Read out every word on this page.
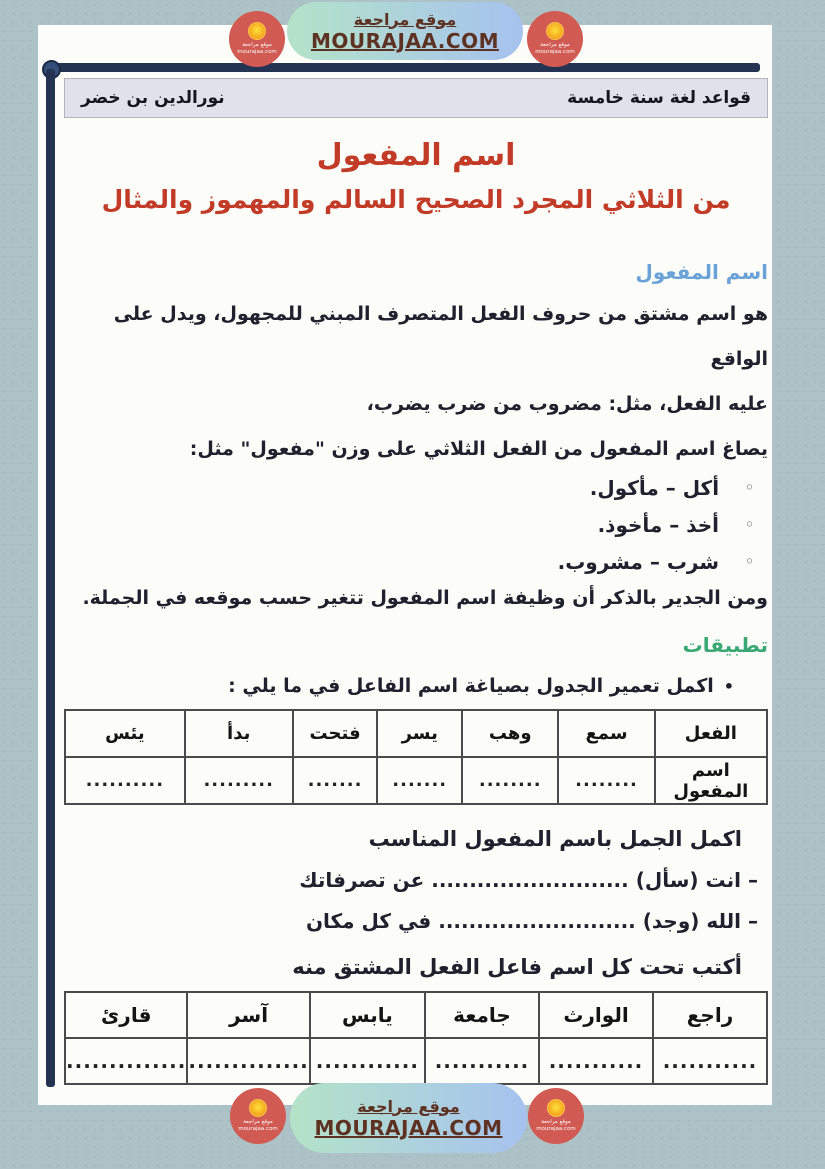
قواعد لغة سنة خامسة
نورالدين بن خضر
اسم المفعول
من الثلاثي المجرد الصحيح السالم والمهموز والمثال
اسم المفعول
هو اسم مشتق من حروف الفعل المتصرف المبني للمجهول، ويدل على الواقع
عليه الفعل، مثل: مضروب من ضرب يضرب،
يصاغ اسم المفعول من الفعل الثلاثي على وزن "مفعول" مثل:
◦
أكل – مأكول.
◦
أخذ – مأخوذ.
◦
شرب – مشروب.
ومن الجدير بالذكر أن وظيفة اسم المفعول تتغير حسب موقعه في الجملة.
تطبيقات
•اكمل تعمير الجدول بصياغة اسم الفاعل في ما يلي :
الفعل	سمع	وهب	يسر	فتحت	بدأ	يئس
اسم المفعول	........	........	.......	.......	.........	..........
اكمل الجمل باسم المفعول المناسب
– انت (سأل) .......................... عن تصرفاتك
– الله (وجد) .......................... في كل مكان
أكتب تحت كل اسم فاعل الفعل المشتق منه
راجع	الوارث	جامعة	يابس	آسر	قارئ
...........	...........	...........	............	..............	..............
موقع مراجعة
mourajaa.com
موقع مراجعة
MOURAJAA.COM	موقع مراجعة
mourajaa.com
موقع مراجعة
mourajaa.com
موقع مراجعة
MOURAJAA.COM	موقع مراجعة
mourajaa.com
